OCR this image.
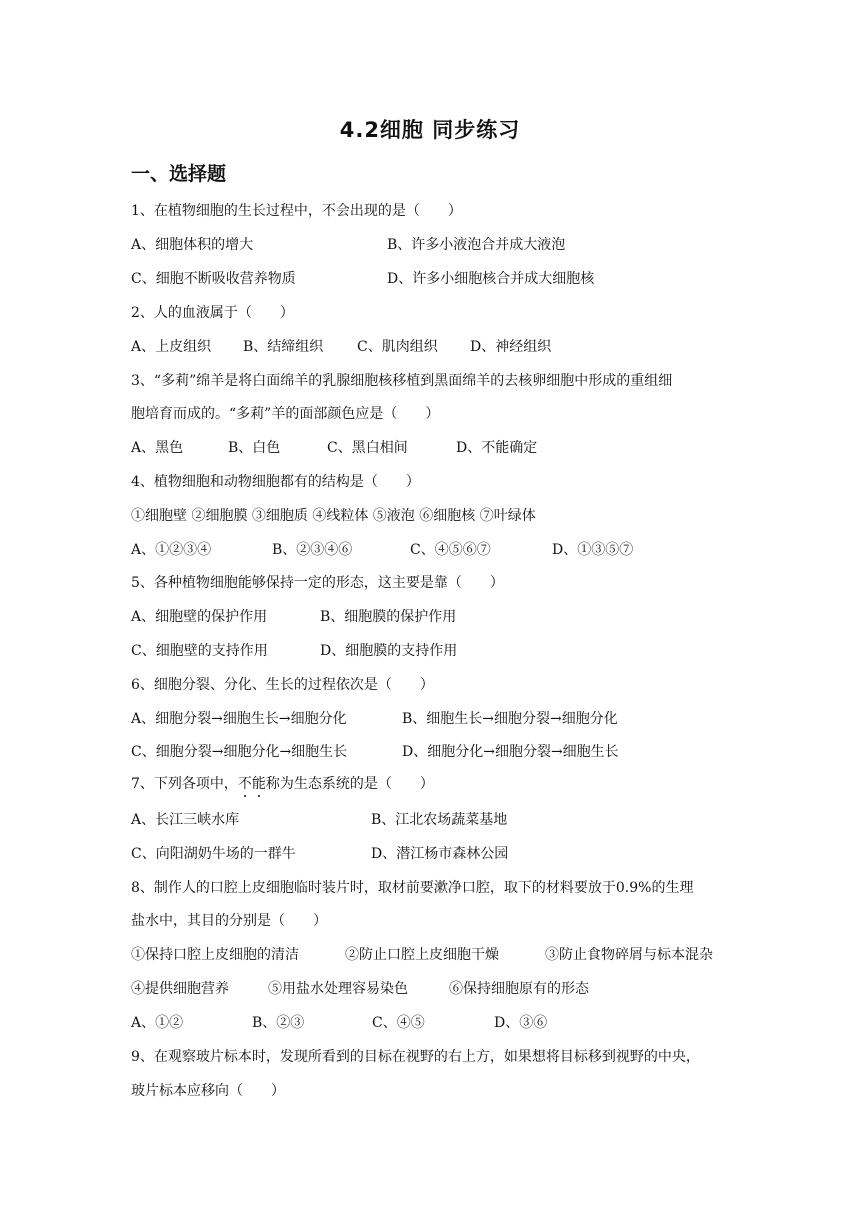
4.2细胞 同步练习
一、选择题
1、在植物细胞的生长过程中，不会出现的是（　　）
A、细胞体积的增大	B、许多小液泡合并成大液泡
C、细胞不断吸收营养物质	D、许多小细胞核合并成大细胞核
2、人的血液属于（　　）
A、上皮组织 B、结缔组织 C、肌肉组织 D、神经组织
3、“多莉”绵羊是将白面绵羊的乳腺细胞核移植到黑面绵羊的去核卵细胞中形成的重组细
胞培育而成的。“多莉”羊的面部颜色应是（　　）
A、黑色	B、白色	C、黑白相间	D、不能确定
4、植物细胞和动物细胞都有的结构是（　　）
①细胞壁 ②细胞膜 ③细胞质 ④线粒体 ⑤液泡 ⑥细胞核 ⑦叶绿体
A、①②③④	B、②③④⑥	C、④⑤⑥⑦	D、①③⑤⑦
5、各种植物细胞能够保持一定的形态，这主要是靠（　　）
A、细胞壁的保护作用	B、细胞膜的保护作用
C、细胞壁的支持作用	D、细胞膜的支持作用
6、细胞分裂、分化、生长的过程依次是（　　）
A、细胞分裂→细胞生长→细胞分化	B、细胞生长→细胞分裂→细胞分化
C、细胞分裂→细胞分化→细胞生长	D、细胞分化→细胞分裂→细胞生长
7、下列各项中，不能称为生态系统的是（　　）
A、长江三峡水库	B、江北农场蔬菜基地
C、向阳湖奶牛场的一群牛	D、潜江杨市森林公园
8、制作人的口腔上皮细胞临时装片时，取材前要漱净口腔，取下的材料要放于0.9%的生理
盐水中，其目的分别是（　　）
①保持口腔上皮细胞的清洁	②防止口腔上皮细胞干燥	③防止食物碎屑与标本混杂
④提供细胞营养	⑤用盐水处理容易染色	⑥保持细胞原有的形态
A、①②	B、②③	C、④⑤	D、③⑥
9、在观察玻片标本时，发现所看到的目标在视野的右上方，如果想将目标移到视野的中央，
玻片标本应移向（　　）
